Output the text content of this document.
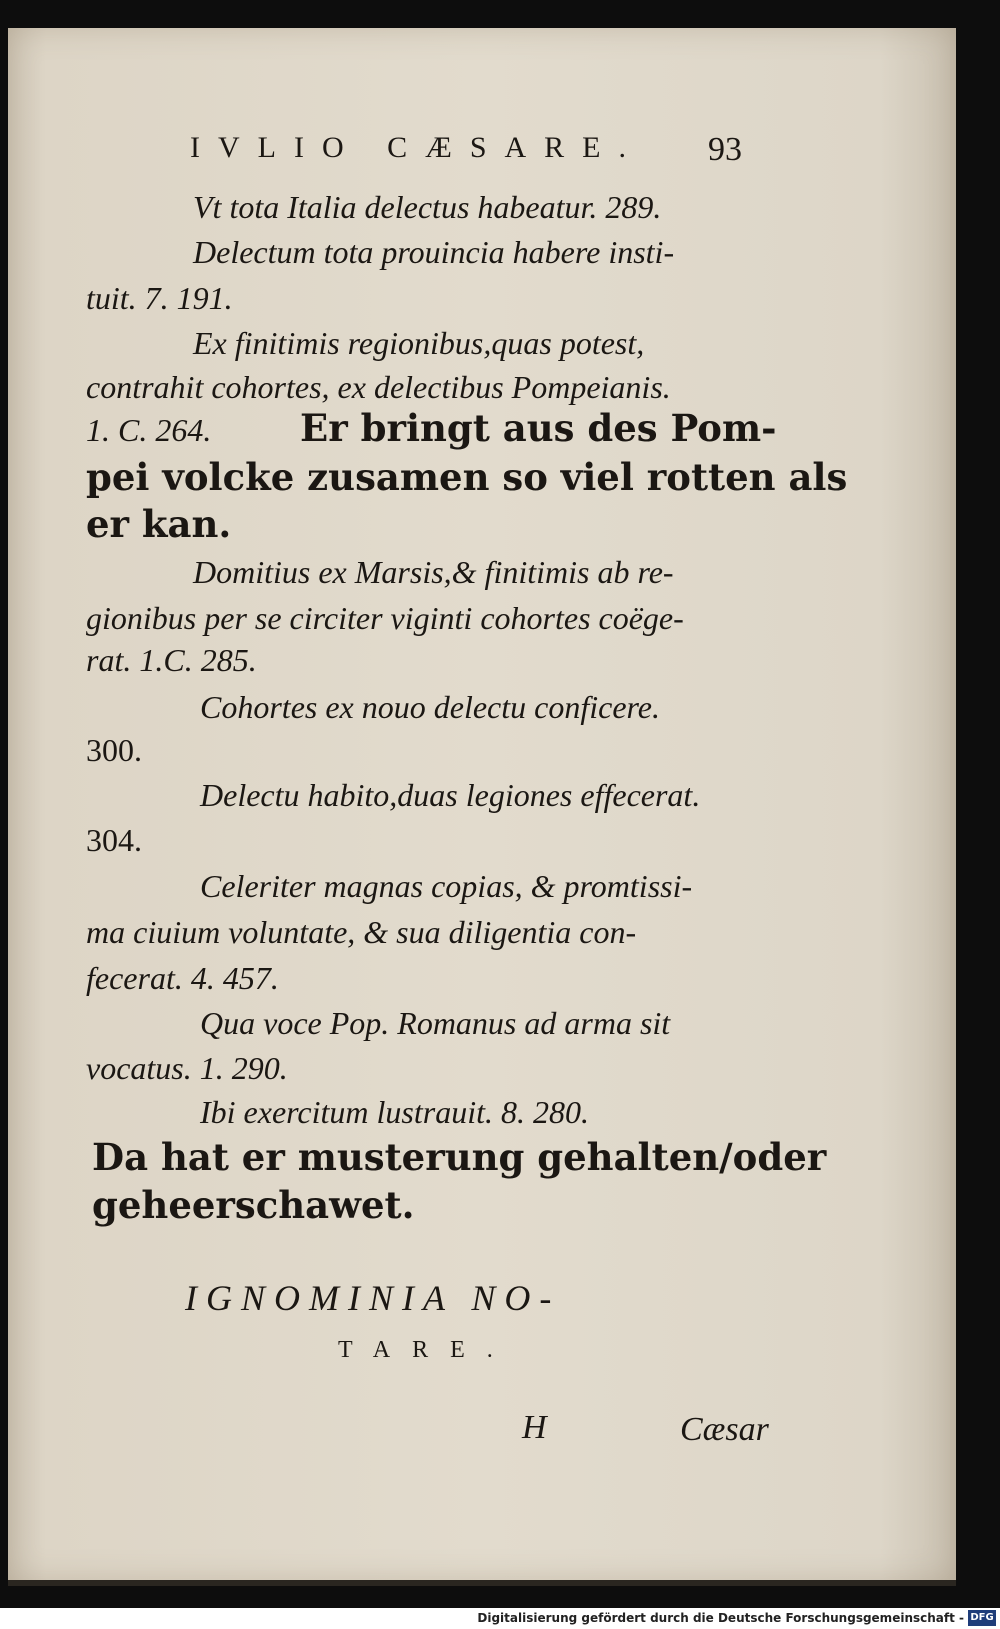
IVLIO CÆSARE. 93
Vt tota Italia delectus habeatur. 289.
Delectum tota prouincia habere insti-
tuit. 7. 191.
Ex finitimis regionibus,quas potest,
contrahit cohortes, ex delectibus Pompeianis.
1. C. 264. Er bringt aus des Pom-
pei volcke zusamen so viel rotten als
er kan.
Domitius ex Marsis,& finitimis ab re-
gionibus per se circiter viginti cohortes coëge-
rat. 1.C. 285.
Cohortes ex nouo delectu conficere.
300.
Delectu habito,duas legiones effecerat.
304.
Celeriter magnas copias, & promtissi-
ma ciuium voluntate, & sua diligentia con-
fecerat. 4. 457.
Qua voce Pop. Romanus ad arma sit
vocatus. 1. 290.
Ibi exercitum lustrauit. 8. 280.
Da hat er musterung gehalten/oder
geheerschawet.
IGNOMINIA NO-
TARE.
H	Cæsar
Digitalisierung gefördert durch die Deutsche Forschungsgemeinschaft - DFG
